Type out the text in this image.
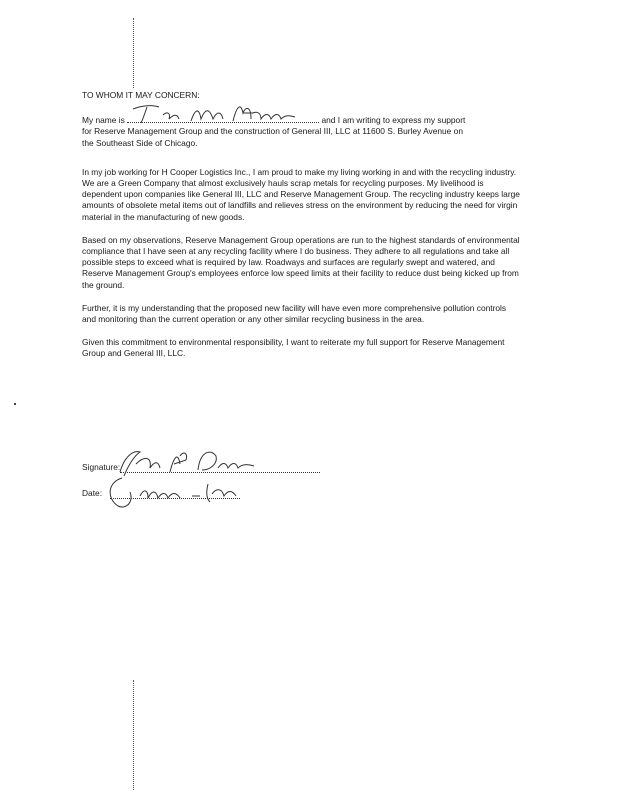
TO WHOM IT MAY CONCERN:

My name is	and I am writing to express my support
for Reserve Management Group and the construction of General III, LLC at 11600 S. Burley Avenue on
the Southeast Side of Chicago.

In my job working for H Cooper Logistics Inc., I am proud to make my living working in and with the recycling industry. We are a Green Company that almost exclusively hauls scrap metals for recycling purposes. My livelihood is dependent upon companies like General III, LLC and Reserve Management Group. The recycling industry keeps large amounts of obsolete metal items out of landfills and relieves stress on the environment by reducing the need for virgin material in the manufacturing of new goods.

Based on my observations, Reserve Management Group operations are run to the highest standards of environmental compliance that I have seen at any recycling facility where I do business. They adhere to all regulations and take all possible steps to exceed what is required by law. Roadways and surfaces are regularly swept and watered, and Reserve Management Group's employees enforce low speed limits at their facility to reduce dust being kicked up from the ground.

Further, it is my understanding that the proposed new facility will have even more comprehensive pollution controls and monitoring than the current operation or any other similar recycling business in the area.

Given this commitment to environmental responsibility, I want to reiterate my full support for Reserve Management Group and General III, LLC.

Signature:
Date:
